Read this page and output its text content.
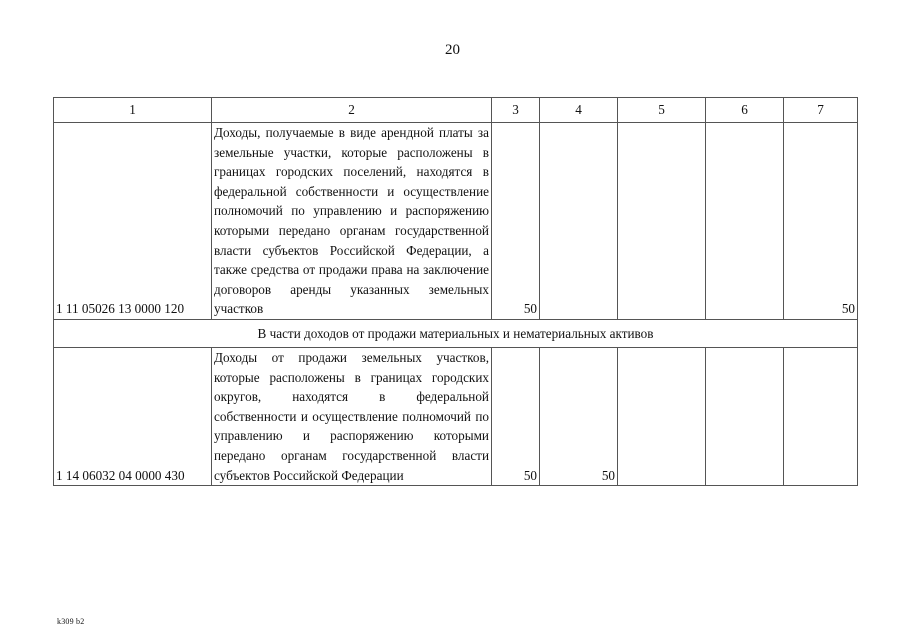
20
1	2	3	4	5	6	7
1 11 05026 13 0000 120	Доходы, получаемые в виде арендной платы за земельные участки, которые расположены в границах городских поселений, находятся в федеральной собственности и осуществление полномочий по управлению и распоряжению которыми передано органам государственной власти субъектов Российской Федерации, а также средства от продажи права на заключение договоров аренды указанных земельных участков	50				50
В части доходов от продажи материальных и нематериальных активов						
1 14 06032 04 0000 430	Доходы от продажи земельных участков, которые расположены в границах городских округов, находятся в федеральной собственности и осуществление полномочий по управлению и распоряжению которыми передано органам государственной власти субъектов Российской Федерации	50	50			
k309 b2
